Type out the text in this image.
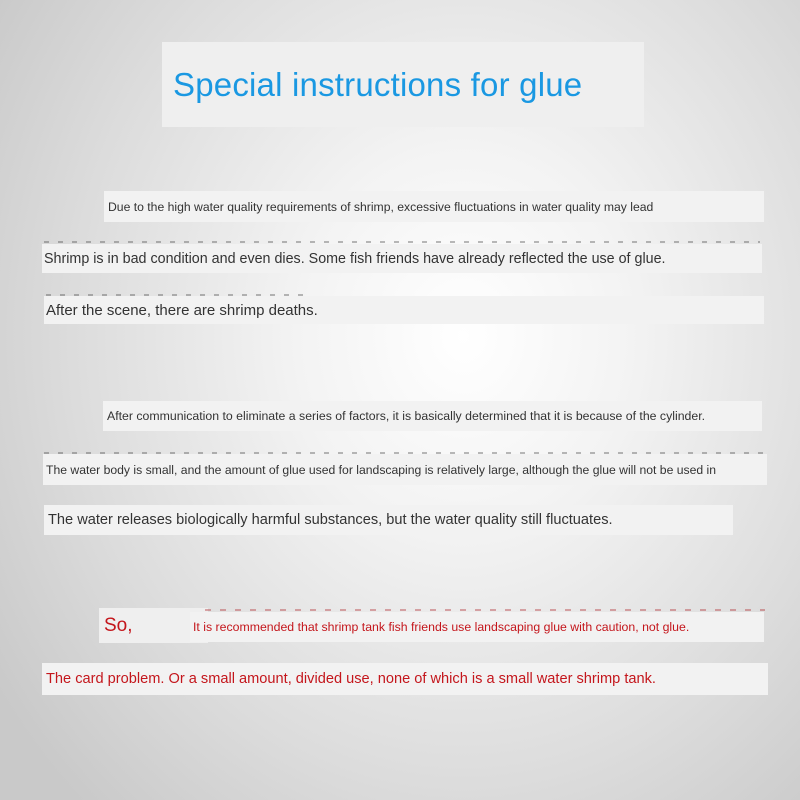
Special instructions for glue
Due to the high water quality requirements of shrimp, excessive fluctuations in water quality may lead
Shrimp is in bad condition and even dies. Some fish friends have already reflected the use of glue.
After the scene, there are shrimp deaths.
After communication to eliminate a series of factors, it is basically determined that it is because of the cylinder.
The water body is small, and the amount of glue used for landscaping is relatively large, although the glue will not be used in
The water releases biologically harmful substances, but the water quality still fluctuates.
So,	It is recommended that shrimp tank fish friends use landscaping glue with caution, not glue.
The card problem. Or a small amount, divided use, none of which is a small water shrimp tank.
